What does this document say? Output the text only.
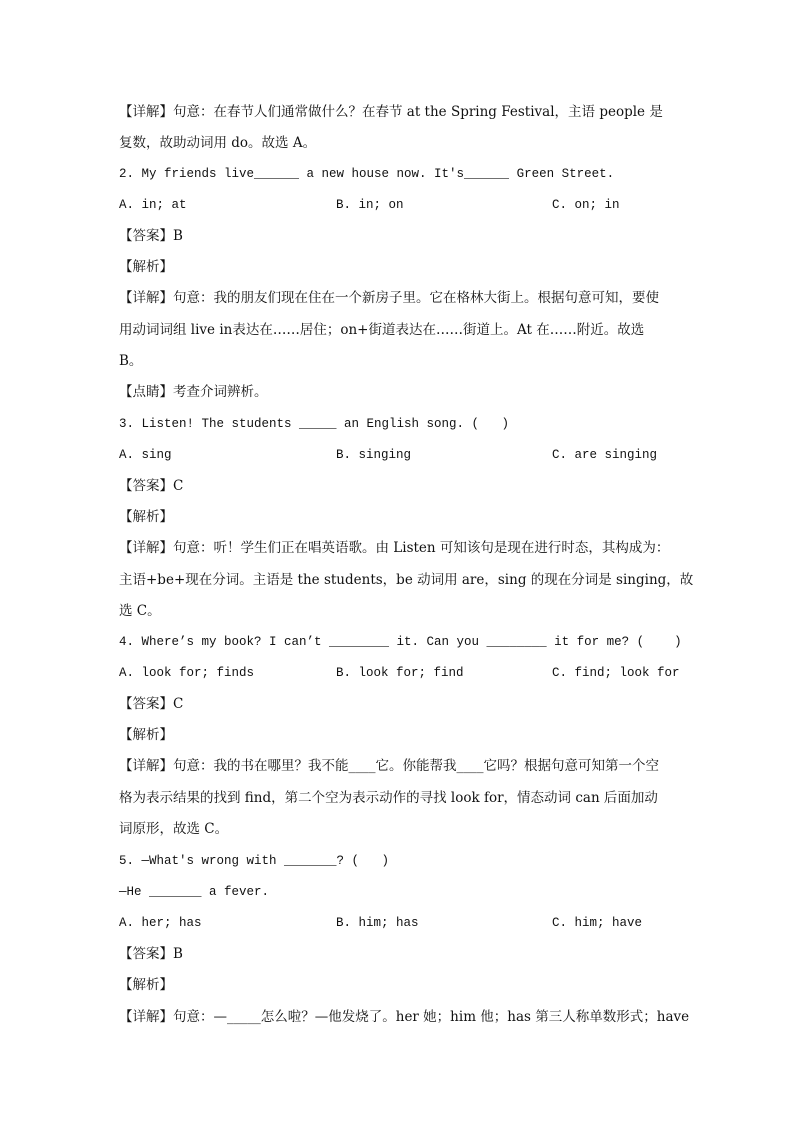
【详解】句意：在春节人们通常做什么？在春节 at the Spring Festival，主语 people 是
复数，故助动词用 do。故选 A。
2. My friends live______ a new house now. It's______ Green Street.

A. in; at

	B. in; on

	C. on; in

【答案】B
【解析】
【详解】句意：我的朋友们现在住在一个新房子里。它在格林大街上。根据句意可知，要使
用动词词组 live in表达在……居住；on+街道表达在……街道上。At 在……附近。故选
B。
【点睛】考查介词辨析。
3. Listen! The students _____ an English song. (   )

A. sing

	B. singing

	C. are singing

【答案】C
【解析】
【详解】句意：听！学生们正在唱英语歌。由 Listen 可知该句是现在进行时态，其构成为：
主语+be+现在分词。主语是 the students，be 动词用 are，sing 的现在分词是 singing，故
选 C。
4. Where’s my book? I can’t ________ it. Can you ________ it for me? (    )

A. look for; finds

	B. look for; find

	C. find; look for

【答案】C
【解析】
【详解】句意：我的书在哪里？我不能____它。你能帮我____它吗？根据句意可知第一个空
格为表示结果的找到 find，第二个空为表示动作的寻找 look for，情态动词 can 后面加动
词原形，故选 C。
5. —What's wrong with _______? (   )
—He _______ a fever.

A. her; has

	B. him; has

	C. him; have

【答案】B
【解析】
【详解】句意：—_____怎么啦？—他发烧了。her 她；him 他；has 第三人称单数形式；have
